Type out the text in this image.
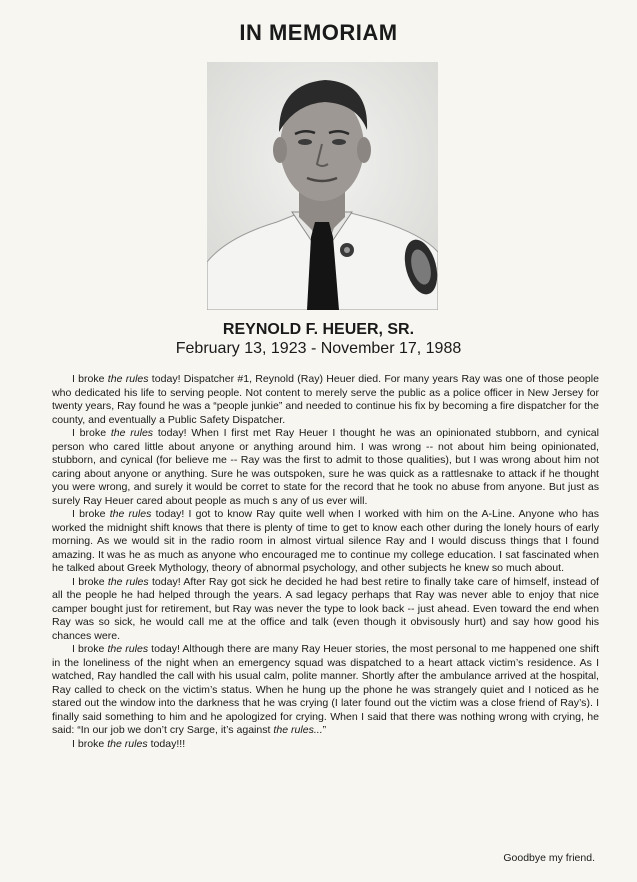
IN MEMORIAM
REYNOLD F. HEUER, SR.
February 13, 1923 - November 17, 1988

I broke the rules today! Dispatcher #1, Reynold (Ray) Heuer died. For many years Ray was one of those people who dedicated his life to serving people. Not content to merely serve the public as a police officer in New Jersey for twenty years, Ray found he was a “people junkie” and needed to continue his fix by becoming a fire dispatcher for the county, and eventually a Public Safety Dispatcher.

I broke the rules today! When I first met Ray Heuer I thought he was an opinionated stubborn, and cynical person who cared little about anyone or anything around him. I was wrong -- not about him being opinionated, stubborn, and cynical (for believe me -- Ray was the first to admit to those qualities), but I was wrong about him not caring about anyone or anything. Sure he was outspoken, sure he was quick as a rattlesnake to attack if he thought you were wrong, and surely it would be corret to state for the record that he took no abuse from anyone. But just as surely Ray Heuer cared about people as much s any of us ever will.

I broke the rules today! I got to know Ray quite well when I worked with him on the A-Line. Anyone who has worked the midnight shift knows that there is plenty of time to get to know each other during the lonely hours of early morning. As we would sit in the radio room in almost virtual silence Ray and I would discuss things that I found amazing. It was he as much as anyone who encouraged me to continue my college education. I sat fascinated when he talked about Greek Mythology, theory of abnormal psychology, and other subjects he knew so much about.

I broke the rules today! After Ray got sick he decided he had best retire to finally take care of himself, instead of all the people he had helped through the years. A sad legacy perhaps that Ray was never able to enjoy that nice camper bought just for retirement, but Ray was never the type to look back -- just ahead. Even toward the end when Ray was so sick, he would call me at the office and talk (even though it obvisously hurt) and say how good his chances were.

I broke the rules today! Although there are many Ray Heuer stories, the most personal to me happened one shift in the loneliness of the night when an emergency squad was dispatched to a heart attack victim’s residence. As I watched, Ray handled the call with his usual calm, polite manner. Shortly after the ambulance arrived at the hospital, Ray called to check on the victim’s status. When he hung up the phone he was strangely quiet and I noticed as he stared out the window into the darkness that he was crying (I later found out the victim was a close friend of Ray’s). I finally said something to him and he apologized for crying. When I said that there was nothing wrong with crying, he said: “In our job we don’t cry Sarge, it’s against the rules...”

I broke the rules today!!!

Goodbye my friend.
